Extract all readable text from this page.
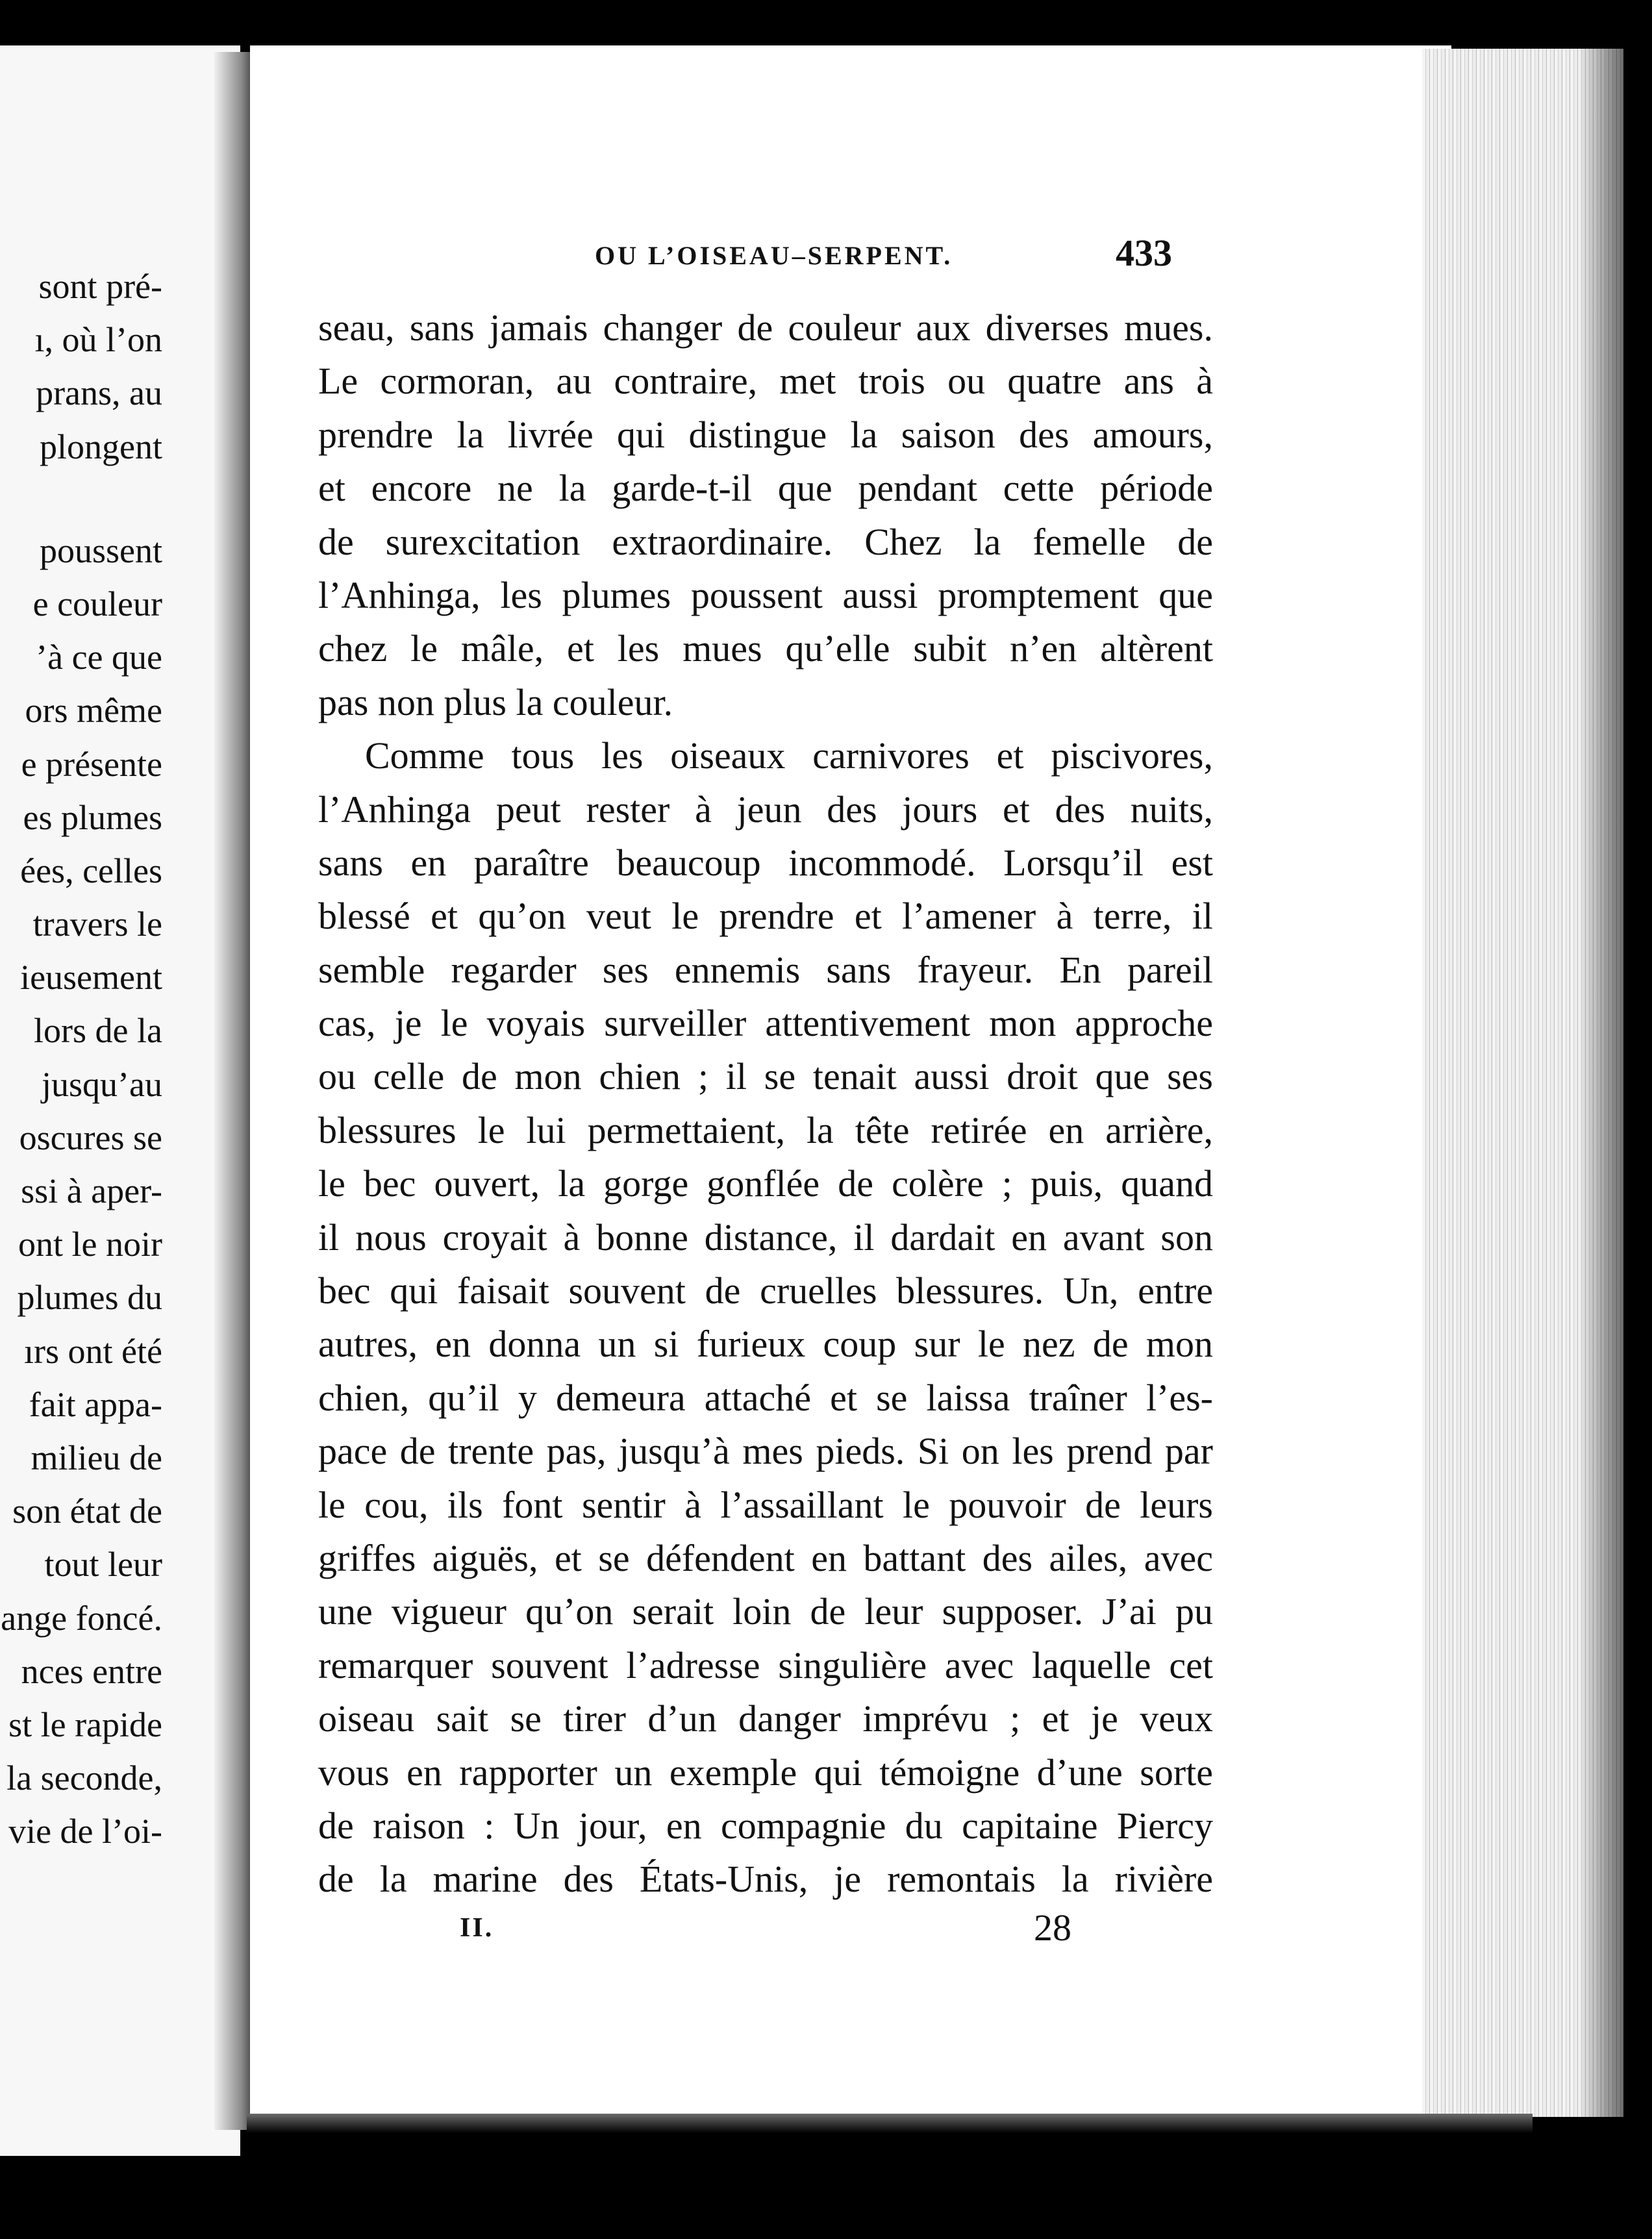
sont pré-
ı, où l’on
prans, au
plongent
poussent
e couleur
’à ce que
ors même
e présente
es plumes
ées, celles
travers le
ieusement
lors de la
jusqu’au
oscures se
ssi à aper-
ont le noir
plumes du
ırs ont été
fait appa-
milieu de
son état de
tout leur
ange foncé.
nces entre
st le rapide
la seconde,
vie de l’oi-
OU L’OISEAU–SERPENT.	433
seau, sans jamais changer de couleur aux diverses mues.
Le cormoran, au contraire, met trois ou quatre ans à
prendre la livrée qui distingue la saison des amours,
et encore ne la garde-t-il que pendant cette période
de surexcitation extraordinaire. Chez la femelle de
l’Anhinga, les plumes poussent aussi promptement que
chez le mâle, et les mues qu’elle subit n’en altèrent
pas non plus la couleur.
Comme tous les oiseaux carnivores et piscivores,
l’Anhinga peut rester à jeun des jours et des nuits,
sans en paraître beaucoup incommodé. Lorsqu’il est
blessé et qu’on veut le prendre et l’amener à terre, il
semble regarder ses ennemis sans frayeur. En pareil
cas, je le voyais surveiller attentivement mon approche
ou celle de mon chien ; il se tenait aussi droit que ses
blessures le lui permettaient, la tête retirée en arrière,
le bec ouvert, la gorge gonflée de colère ; puis, quand
il nous croyait à bonne distance, il dardait en avant son
bec qui faisait souvent de cruelles blessures. Un, entre
autres, en donna un si furieux coup sur le nez de mon
chien, qu’il y demeura attaché et se laissa traîner l’es-
pace de trente pas, jusqu’à mes pieds. Si on les prend par
le cou, ils font sentir à l’assaillant le pouvoir de leurs
griffes aiguës, et se défendent en battant des ailes, avec
une vigueur qu’on serait loin de leur supposer. J’ai pu
remarquer souvent l’adresse singulière avec laquelle cet
oiseau sait se tirer d’un danger imprévu ; et je veux
vous en rapporter un exemple qui témoigne d’une sorte
de raison : Un jour, en compagnie du capitaine Piercy
de la marine des États-Unis, je remontais la rivière
II.	28
